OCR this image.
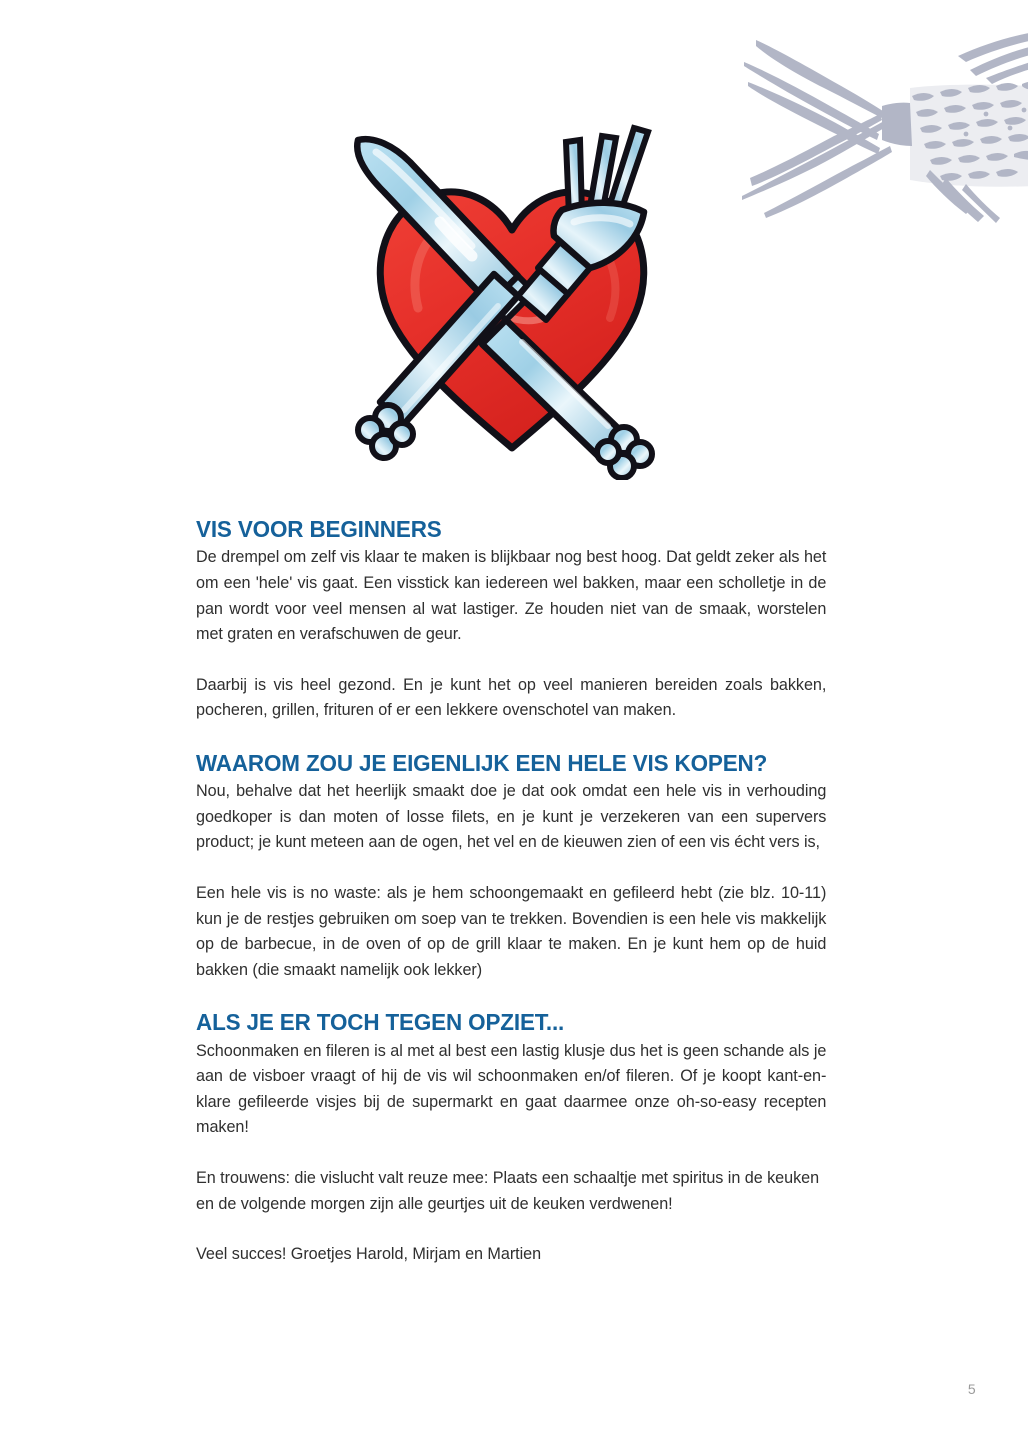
VIS VOOR BEGINNERS

De drempel om zelf vis klaar te maken is blijkbaar nog best hoog. Dat geldt zeker als het om een 'hele' vis gaat. Een visstick kan iedereen wel bakken, maar een scholletje in de pan wordt voor veel mensen al wat lastiger. Ze houden niet van de smaak, worstelen met graten en verafschuwen de geur.

Daarbij is vis heel gezond. En je kunt het op veel manieren bereiden zoals bakken, pocheren, grillen, frituren of er een lekkere ovenschotel van maken.

WAAROM ZOU JE EIGENLIJK EEN HELE VIS KOPEN?

Nou, behalve dat het heerlijk smaakt doe je dat ook omdat een hele vis in verhouding goedkoper is dan moten of losse filets, en je kunt je verzekeren van een supervers product; je kunt meteen aan de ogen, het vel en de kieuwen zien of een vis écht vers is,

Een hele vis is no waste: als je hem schoongemaakt en gefileerd hebt (zie blz. 10-11) kun je de restjes gebruiken om soep van te trekken. Bovendien is een hele vis makkelijk op de barbecue, in de oven of op de grill klaar te maken. En je kunt hem op de huid bakken (die smaakt namelijk ook lekker)

ALS JE ER TOCH TEGEN OPZIET...

Schoonmaken en fileren is al met al best een lastig klusje dus het is geen schande als je aan de visboer vraagt of hij de vis wil schoonmaken en/of fileren. Of je koopt kant-en-klare gefileerde visjes bij de supermarkt en gaat daarmee onze oh-so-easy recepten maken!

En trouwens: die vislucht valt reuze mee: Plaats een schaaltje met spiritus in de keuken en de volgende morgen zijn alle geurtjes uit de keuken verdwenen!

Veel succes! Groetjes Harold, Mirjam en Martien

5
